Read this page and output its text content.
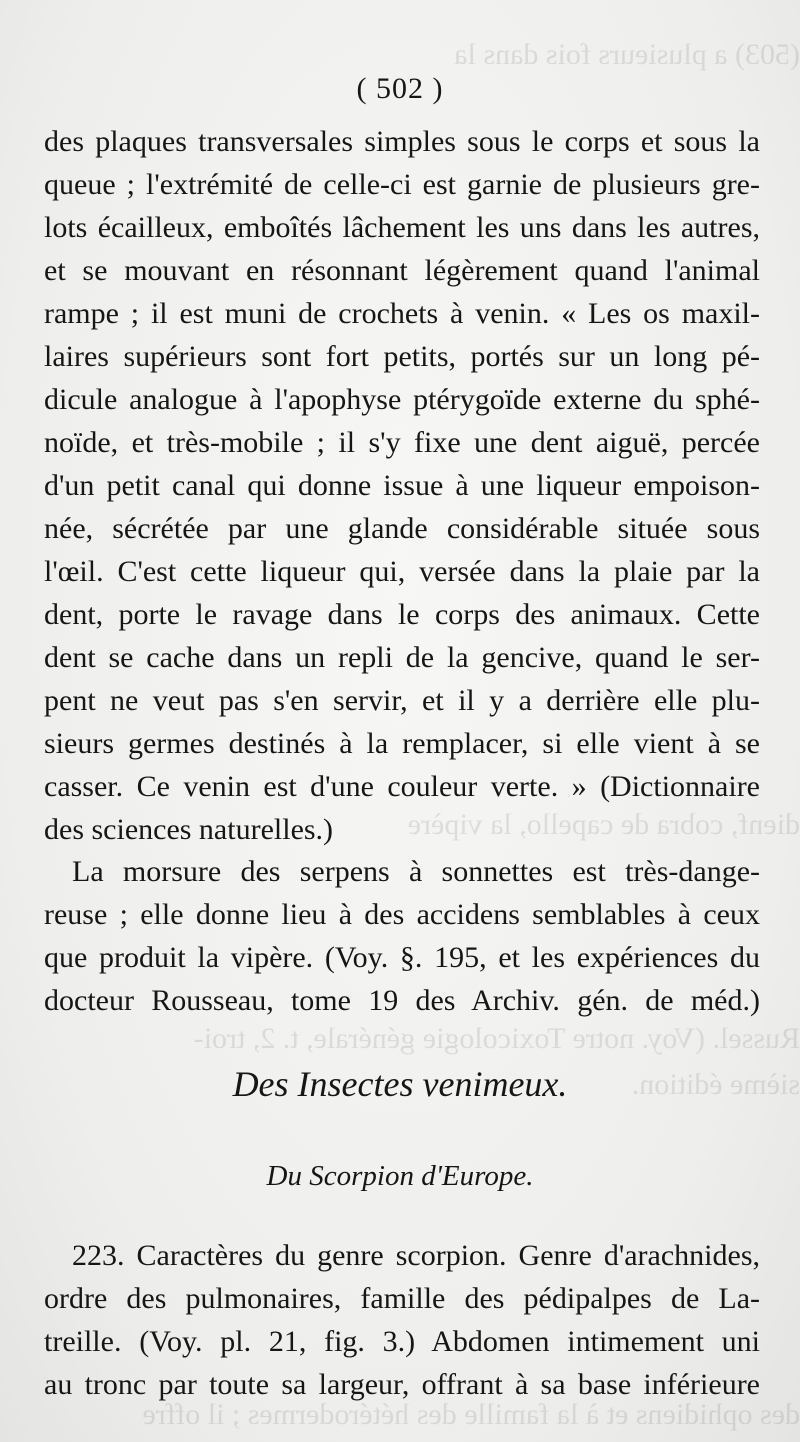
(503) a plusieurs fois dans la
dienf, cobra de capello, la vipère
Russel. (Voy. notre Toxicologie générale, t. 2, troi-
sième édition.
des ophidiens et à la famille des hétérodermes ; il offre
( 502 )
des plaques transversales simples sous le corps et sous la
queue ; l'extrémité de celle-ci est garnie de plusieurs gre-
lots écailleux, emboîtés lâchement les uns dans les autres,
et se mouvant en résonnant légèrement quand l'animal
rampe ; il est muni de crochets à venin. « Les os maxil-
laires supérieurs sont fort petits, portés sur un long pé-
dicule analogue à l'apophyse ptérygoïde externe du sphé-
noïde, et très-mobile ; il s'y fixe une dent aiguë, percée
d'un petit canal qui donne issue à une liqueur empoison-
née, sécrétée par une glande considérable située sous
l'œil. C'est cette liqueur qui, versée dans la plaie par la
dent, porte le ravage dans le corps des animaux. Cette
dent se cache dans un repli de la gencive, quand le ser-
pent ne veut pas s'en servir, et il y a derrière elle plu-
sieurs germes destinés à la remplacer, si elle vient à se
casser. Ce venin est d'une couleur verte. » (Dictionnaire
des sciences naturelles.)
La morsure des serpens à sonnettes est très-dange-
reuse ; elle donne lieu à des accidens semblables à ceux
que produit la vipère. (Voy. §. 195, et les expériences du
docteur Rousseau, tome 19 des Archiv. gén. de méd.)
Des Insectes venimeux.
Du Scorpion d'Europe.
223. Caractères du genre scorpion. Genre d'arachnides,
ordre des pulmonaires, famille des pédipalpes de La-
treille. (Voy. pl. 21, fig. 3.) Abdomen intimement uni
au tronc par toute sa largeur, offrant à sa base inférieure
